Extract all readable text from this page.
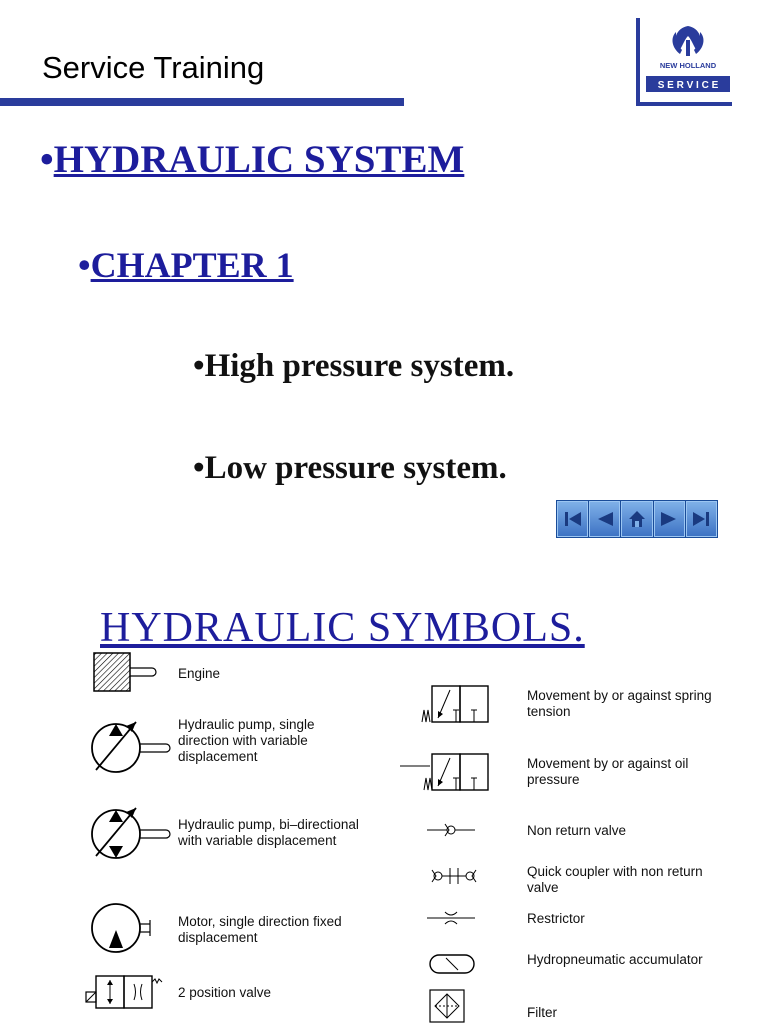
Service Training	NEW HOLLAND
S E R V I C E
•HYDRAULIC SYSTEM
•CHAPTER 1
•High pressure system.
•Low pressure system.
HYDRAULIC SYMBOLS.
Engine
Hydraulic pump, single direction with variable displacement
Hydraulic pump, bi–directional with variable displacement
Motor, single direction fixed displacement
2 position valve
Movement by or against spring tension
Movement by or against oil pressure
Non return valve
Quick coupler with non return valve
Restrictor
Hydropneumatic accumulator
Filter
